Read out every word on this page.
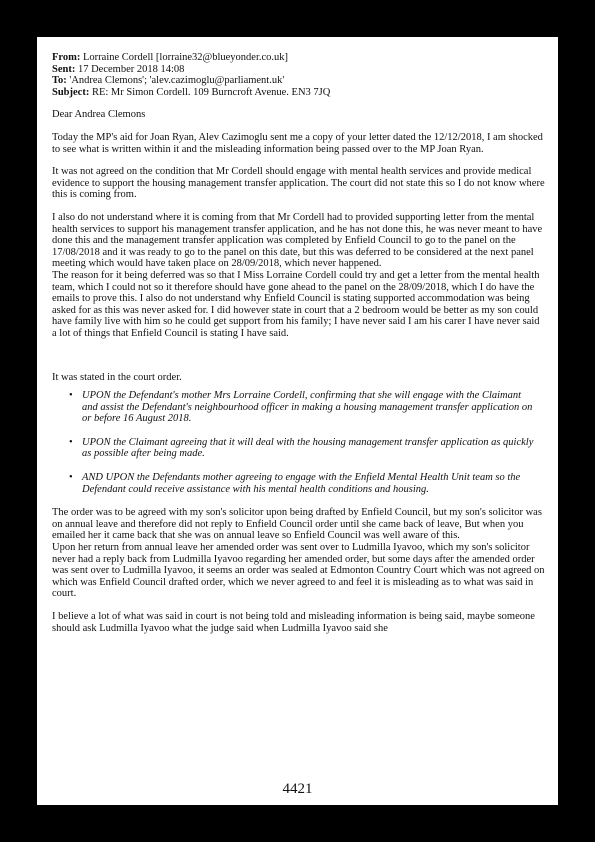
From: Lorraine Cordell [lorraine32@blueyonder.co.uk]
Sent: 17 December 2018 14:08
To: 'Andrea Clemons'; 'alev.cazimoglu@parliament.uk'
Subject: RE: Mr Simon Cordell. 109 Burncroft Avenue. EN3 7JQ

Dear Andrea Clemons

Today the MP's aid for Joan Ryan, Alev Cazimoglu sent me a copy of your letter dated the 12/12/2018, I am shocked to see what is written within it and the misleading information being passed over to the MP Joan Ryan.

It was not agreed on the condition that Mr Cordell should engage with mental health services and provide medical evidence to support the housing management transfer application. The court did not state this so I do not know where this is coming from.

I also do not understand where it is coming from that Mr Cordell had to provided supporting letter from the mental health services to support his management transfer application, and he has not done this, he was never meant to have done this and the management transfer application was completed by Enfield Council to go to the panel on the 17/08/2018 and it was ready to go to the panel on this date, but this was deferred to be considered at the next panel meeting which would have taken place on 28/09/2018, which never happened.

The reason for it being deferred was so that I Miss Lorraine Cordell could try and get a letter from the mental health team, which I could not so it therefore should have gone ahead to the panel on the 28/09/2018, which I do have the emails to prove this. I also do not understand why Enfield Council is stating supported accommodation was being asked for as this was never asked for. I did however state in court that a 2 bedroom would be better as my son could have family live with him so he could get support from his family; I have never said I am his carer I have never said a lot of things that Enfield Council is stating I have said.

It was stated in the court order.

• UPON the Defendant's mother Mrs Lorraine Cordell, confirming that she will engage with the Claimant and assist the Defendant's neighbourhood officer in making a housing management transfer application on or before 16 August 2018.
• UPON the Claimant agreeing that it will deal with the housing management transfer application as quickly as possible after being made.
• AND UPON the Defendants mother agreeing to engage with the Enfield Mental Health Unit team so the Defendant could receive assistance with his mental health conditions and housing.

The order was to be agreed with my son's solicitor upon being drafted by Enfield Council, but my son's solicitor was on annual leave and therefore did not reply to Enfield Council order until she came back of leave, But when you emailed her it came back that she was on annual leave so Enfield Council was well aware of this.

Upon her return from annual leave her amended order was sent over to Ludmilla Iyavoo, which my son's solicitor never had a reply back from Ludmilla Iyavoo regarding her amended order, but some days after the amended order was sent over to Ludmilla Iyavoo, it seems an order was sealed at Edmonton Country Court which was not agreed on which was Enfield Council drafted order, which we never agreed to and feel it is misleading as to what was said in court.

I believe a lot of what was said in court is not being told and misleading information is being said, maybe someone should ask Ludmilla Iyavoo what the judge said when Ludmilla Iyavoo said she

4421
